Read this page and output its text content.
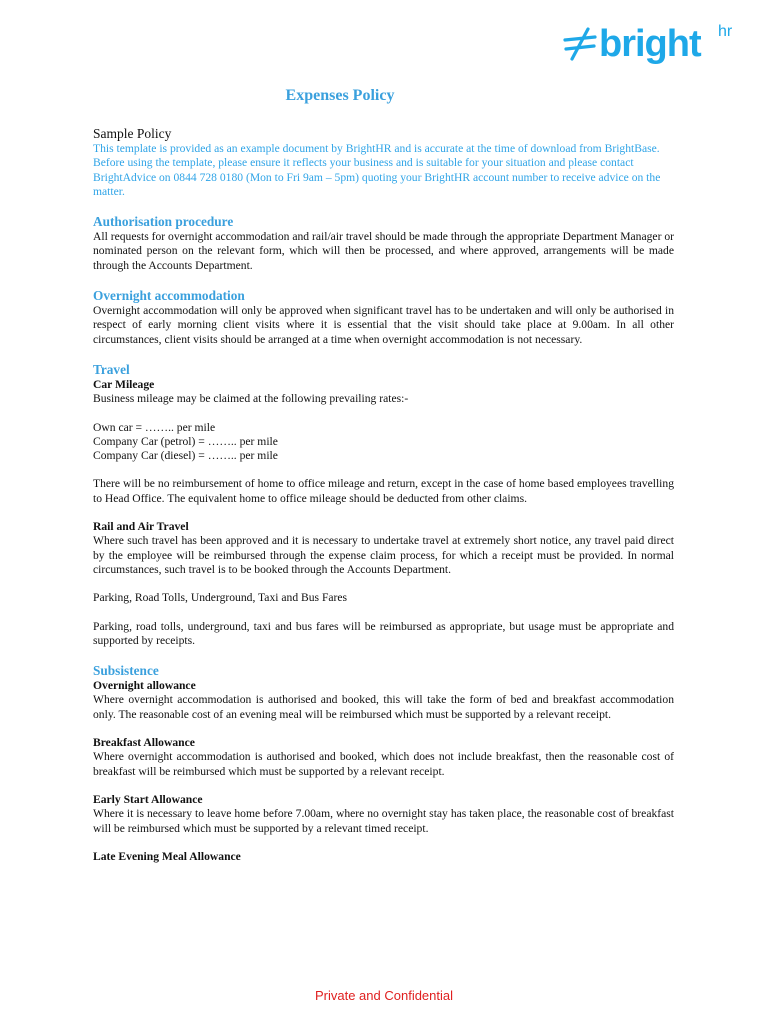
bright hr
Expenses Policy

Sample Policy

This template is provided as an example document by BrightHR and is accurate at the time of download from BrightBase. Before using the template, please ensure it reflects your business and is suitable for your situation and please contact BrightAdvice on 0844 728 0180 (Mon to Fri 9am – 5pm) quoting your BrightHR account number to receive advice on the matter.

Authorisation procedure

All requests for overnight accommodation and rail/air travel should be made through the appropriate Department Manager or nominated person on the relevant form, which will then be processed, and where approved, arrangements will be made through the Accounts Department.

Overnight accommodation

Overnight accommodation will only be approved when significant travel has to be undertaken and will only be authorised in respect of early morning client visits where it is essential that the visit should take place at 9.00am. In all other circumstances, client visits should be arranged at a time when overnight accommodation is not necessary.

Travel

Car Mileage

Business mileage may be claimed at the following prevailing rates:-

Own car = …….. per mile

Company Car (petrol) = …….. per mile

Company Car (diesel) = …….. per mile

There will be no reimbursement of home to office mileage and return, except in the case of home based employees travelling to Head Office. The equivalent home to office mileage should be deducted from other claims.

Rail and Air Travel

Where such travel has been approved and it is necessary to undertake travel at extremely short notice, any travel paid direct by the employee will be reimbursed through the expense claim process, for which a receipt must be provided. In normal circumstances, such travel is to be booked through the Accounts Department.

Parking, Road Tolls, Underground, Taxi and Bus Fares

Parking, road tolls, underground, taxi and bus fares will be reimbursed as appropriate, but usage must be appropriate and supported by receipts.

Subsistence

Overnight allowance

Where overnight accommodation is authorised and booked, this will take the form of bed and breakfast accommodation only. The reasonable cost of an evening meal will be reimbursed which must be supported by a relevant receipt.

Breakfast Allowance

Where overnight accommodation is authorised and booked, which does not include breakfast, then the reasonable cost of breakfast will be reimbursed which must be supported by a relevant receipt.

Early Start Allowance

Where it is necessary to leave home before 7.00am, where no overnight stay has taken place, the reasonable cost of breakfast will be reimbursed which must be supported by a relevant timed receipt.

Late Evening Meal Allowance

Private and Confidential
